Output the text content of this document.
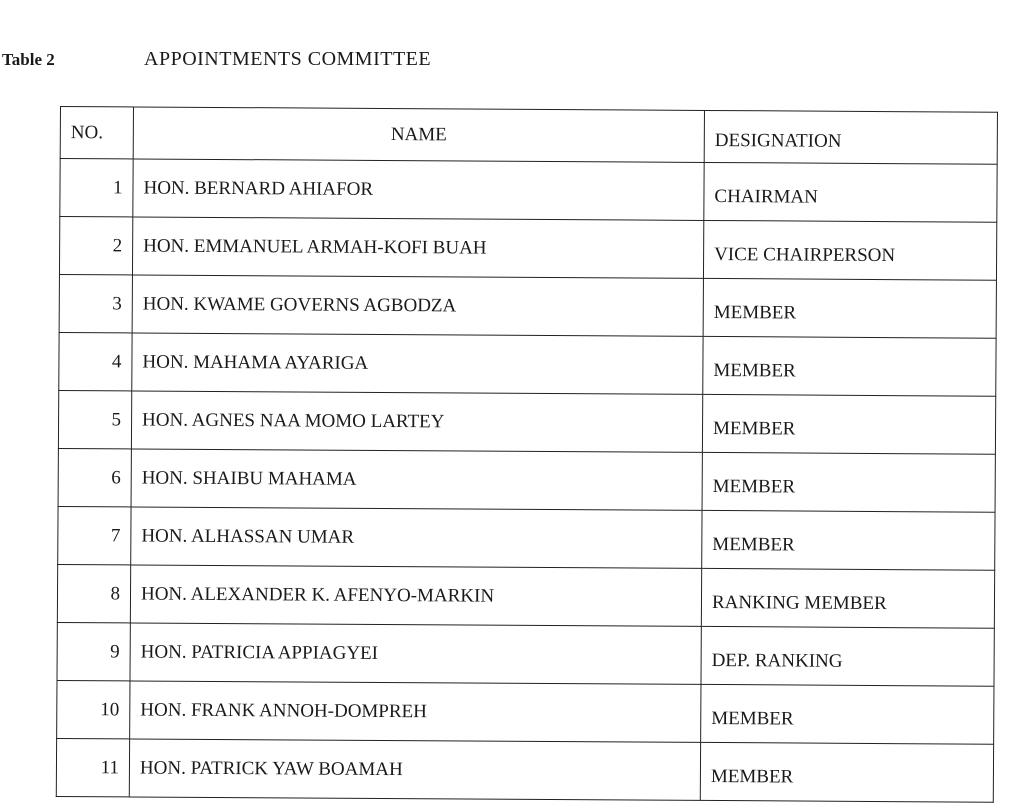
Table 2	APPOINTMENTS COMMITTEE
NO.	NAME	DESIGNATION
1	HON. BERNARD AHIAFOR	CHAIRMAN
2	HON. EMMANUEL ARMAH-KOFI BUAH	VICE CHAIRPERSON
3	HON. KWAME GOVERNS AGBODZA	MEMBER
4	HON. MAHAMA AYARIGA	MEMBER
5	HON. AGNES NAA MOMO LARTEY	MEMBER
6	HON. SHAIBU MAHAMA	MEMBER
7	HON. ALHASSAN UMAR	MEMBER
8	HON. ALEXANDER K. AFENYO-MARKIN	RANKING MEMBER
9	HON. PATRICIA APPIAGYEI	DEP. RANKING
10	HON. FRANK ANNOH-DOMPREH	MEMBER
11	HON. PATRICK YAW BOAMAH	MEMBER
